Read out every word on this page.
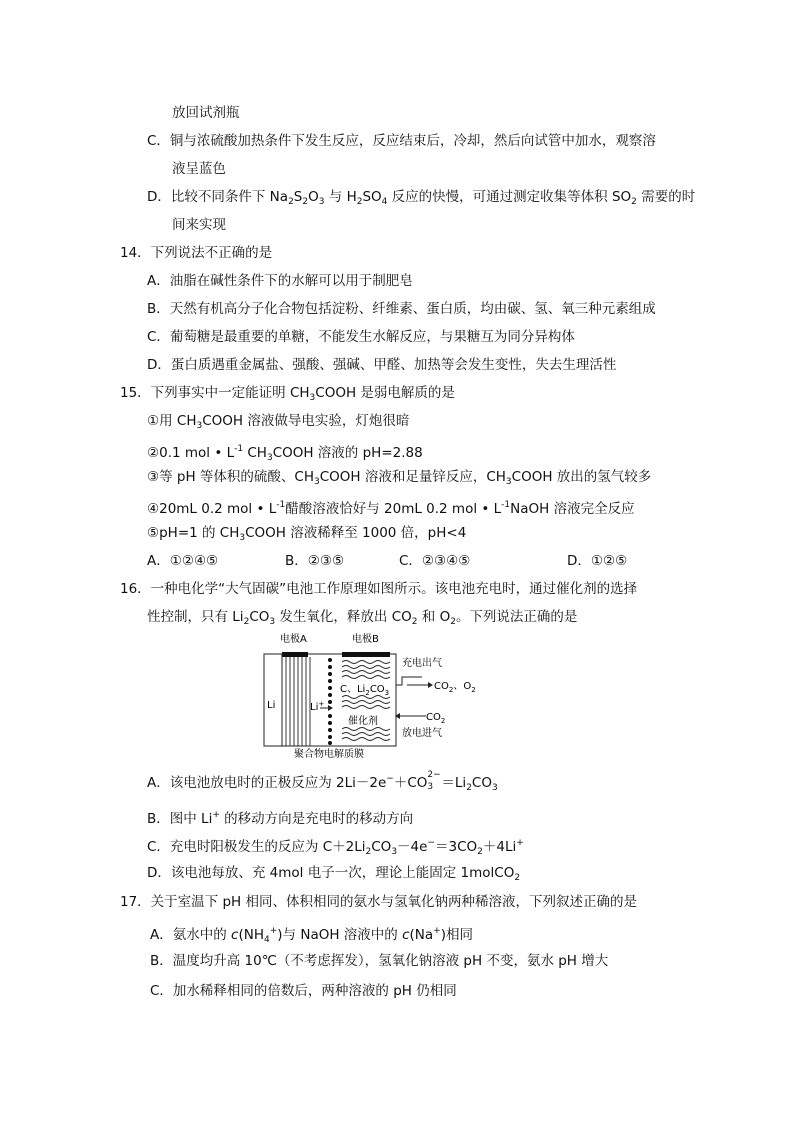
放回试剂瓶
C．铜与浓硫酸加热条件下发生反应，反应结束后，冷却，然后向试管中加水，观察溶
液呈蓝色
D．比较不同条件下 $Na_2S_2O_3$ 与 $H_2SO_4$ 反应的快慢，可通过测定收集等体积 $SO_2$ 需要的时
间来实现
14．下列说法不正确的是
A．油脂在碱性条件下的水解可以用于制肥皂
B．天然有机高分子化合物包括淀粉、纤维素、蛋白质，均由碳、氢、氧三种元素组成
C．葡萄糖是最重要的单糖，不能发生水解反应，与果糖互为同分异构体
D．蛋白质遇重金属盐、强酸、强碱、甲醛、加热等会发生变性，失去生理活性
15．下列事实中一定能证明 $CH_3COOH$ 是弱电解质的是
①用 $CH_3COOH$ 溶液做导电实验，灯炮很暗
②0.1 mol • $L^{-1}$ $CH_3COOH$ 溶液的 pH=2.88
③等 pH 等体积的硫酸、$CH_3COOH$ 溶液和足量锌反应，$CH_3COOH$ 放出的氢气较多
④20mL 0.2 mol • $L^{-1}$醋酸溶液恰好与 20mL 0.2 mol • $L^{-1}NaOH$ 溶液完全反应
⑤pH=1 的 $CH_3COOH$ 溶液稀释至 1000 倍，pH<4
A．①②④⑤	B．②③⑤	C．②③④⑤	D．①②⑤
16．一种电化学“大气固碳”电池工作原理如图所示。该电池充电时，通过催化剂的选择
性控制，只有 $Li_2CO_3$ 发生氧化，释放出 $CO_2$ 和 $O_2$。下列说法正确的是
电极A	电极B
Li	Li+
C、$Li_2CO_3$
催化剂
充电出气
$CO_2$、$O_2$
$CO_2$
放电进气
聚合物电解质膜
A．该电池放电时的正极反应为 2Li－2e−＋CO 2−
$3 =Li_2CO_3$
B．图中 Li+ 的移动方向是充电时的移动方向
C．充电时阳极发生的反应为 $C+2Li_2CO_3-4e^-=3CO_2+4Li^+$
D．该电池每放、充 4mol 电子一次，理论上能固定 1molCO$_2$
17．关于室温下 pH 相同、体积相同的氨水与氢氧化钠两种稀溶液，下列叙述正确的是
A．氨水中的 $c(NH_4^+)$与 NaOH 溶液中的 c(Na+)相同
B．温度均升高 10℃（不考虑挥发），氢氧化钠溶液 pH 不变，氨水 pH 增大
C．加水稀释相同的倍数后，两种溶液的 pH 仍相同
